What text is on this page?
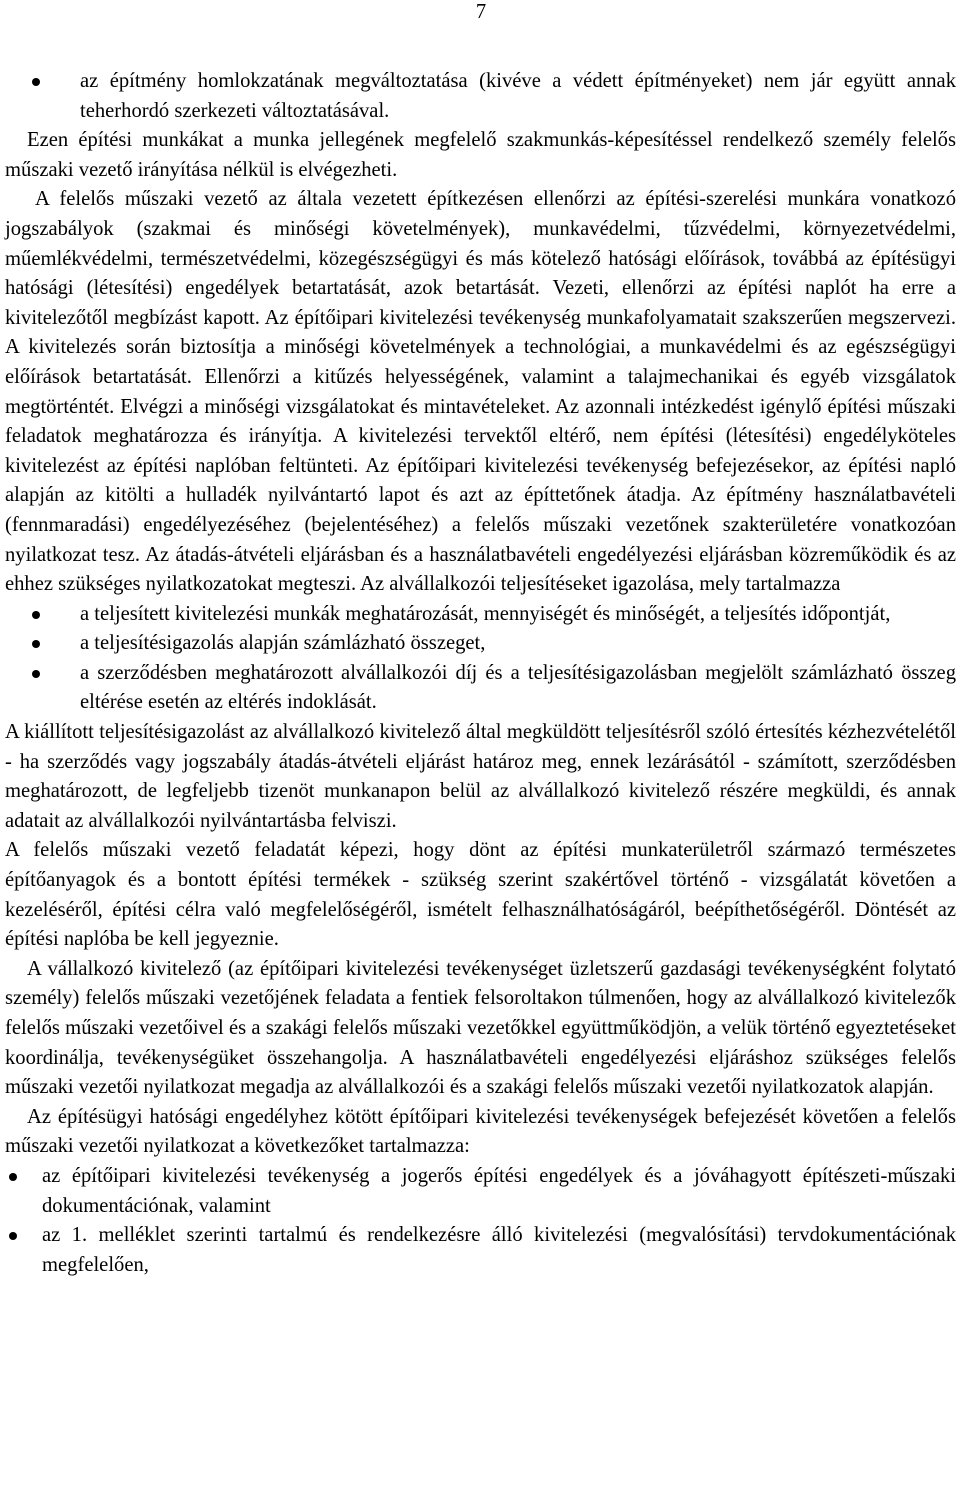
7
az építmény homlokzatának megváltoztatása (kivéve a védett építményeket) nem jár együtt annak teherhordó szerkezeti változtatásával.

Ezen építési munkákat a munka jellegének megfelelő szakmunkás-képesítéssel rendelkező személy felelős műszaki vezető irányítása nélkül is elvégezheti.

A felelős műszaki vezető az általa vezetett építkezésen ellenőrzi az építési-szerelési munkára vonatkozó jogszabályok (szakmai és minőségi követelmények), munkavédelmi, tűzvédelmi, környezetvédelmi, műemlékvédelmi, természetvédelmi, közegészségügyi és más kötelező hatósági előírások, továbbá az építésügyi hatósági (létesítési) engedélyek betartatását, azok betartását. Vezeti, ellenőrzi az építési naplót ha erre a kivitelezőtől megbízást kapott. Az építőipari kivitelezési tevékenység munkafolyamatait szakszerűen megszervezi. A kivitelezés során biztosítja a minőségi követelmények a technológiai, a munkavédelmi és az egészségügyi előírások betartatását. Ellenőrzi a kitűzés helyességének, valamint a talajmechanikai és egyéb vizsgálatok megtörténtét. Elvégzi a minőségi vizsgálatokat és mintavételeket. Az azonnali intézkedést igénylő építési műszaki feladatok meghatározza és irányítja. A kivitelezési tervektől eltérő, nem építési (létesítési) engedélyköteles kivitelezést az építési naplóban feltünteti. Az építőipari kivitelezési tevékenység befejezésekor, az építési napló alapján az kitölti a hulladék nyilvántartó lapot és azt az építtetőnek átadja. Az építmény használatbavételi (fennmaradási) engedélyezéséhez (bejelentéséhez) a felelős műszaki vezetőnek szakterületére vonatkozóan nyilatkozat tesz. Az átadás-átvételi eljárásban és a használatbavételi engedélyezési eljárásban közreműködik és az ehhez szükséges nyilatkozatokat megteszi. Az alvállalkozói teljesítéseket igazolása, mely tartalmazza

a teljesített kivitelezési munkák meghatározását, mennyiségét és minőségét, a teljesítés időpontját,
a teljesítésigazolás alapján számlázható összeget,
a szerződésben meghatározott alvállalkozói díj és a teljesítésigazolásban megjelölt számlázható összeg eltérése esetén az eltérés indoklását.

A kiállított teljesítésigazolást az alvállalkozó kivitelező által megküldött teljesítésről szóló értesítés kézhezvételétől - ha szerződés vagy jogszabály átadás-átvételi eljárást határoz meg, ennek lezárásától - számított, szerződésben meghatározott, de legfeljebb tizenöt munkanapon belül az alvállalkozó kivitelező részére megküldi, és annak adatait az alvállalkozói nyilvántartásba felviszi.

A felelős műszaki vezető feladatát képezi, hogy dönt az építési munkaterületről származó természetes építőanyagok és a bontott építési termékek - szükség szerint szakértővel történő - vizsgálatát követően a kezeléséről, építési célra való megfelelőségéről, ismételt felhasználhatóságáról, beépíthetőségéről. Döntését az építési naplóba be kell jegyeznie.

A vállalkozó kivitelező (az építőipari kivitelezési tevékenységet üzletszerű gazdasági tevékenységként folytató személy) felelős műszaki vezetőjének feladata a fentiek felsoroltakon túlmenően, hogy az alvállalkozó kivitelezők felelős műszaki vezetőivel és a szakági felelős műszaki vezetőkkel együttműködjön, a velük történő egyeztetéseket koordinálja, tevékenységüket összehangolja. A használatbavételi engedélyezési eljáráshoz szükséges felelős műszaki vezetői nyilatkozat megadja az alvállalkozói és a szakági felelős műszaki vezetői nyilatkozatok alapján.

Az építésügyi hatósági engedélyhez kötött építőipari kivitelezési tevékenységek befejezését követően a felelős műszaki vezetői nyilatkozat a következőket tartalmazza:

az építőipari kivitelezési tevékenység a jogerős építési engedélyek és a jóváhagyott építészeti-műszaki dokumentációnak, valamint
az 1. melléklet szerinti tartalmú és rendelkezésre álló kivitelezési (megvalósítási) tervdokumentációnak megfelelően,
